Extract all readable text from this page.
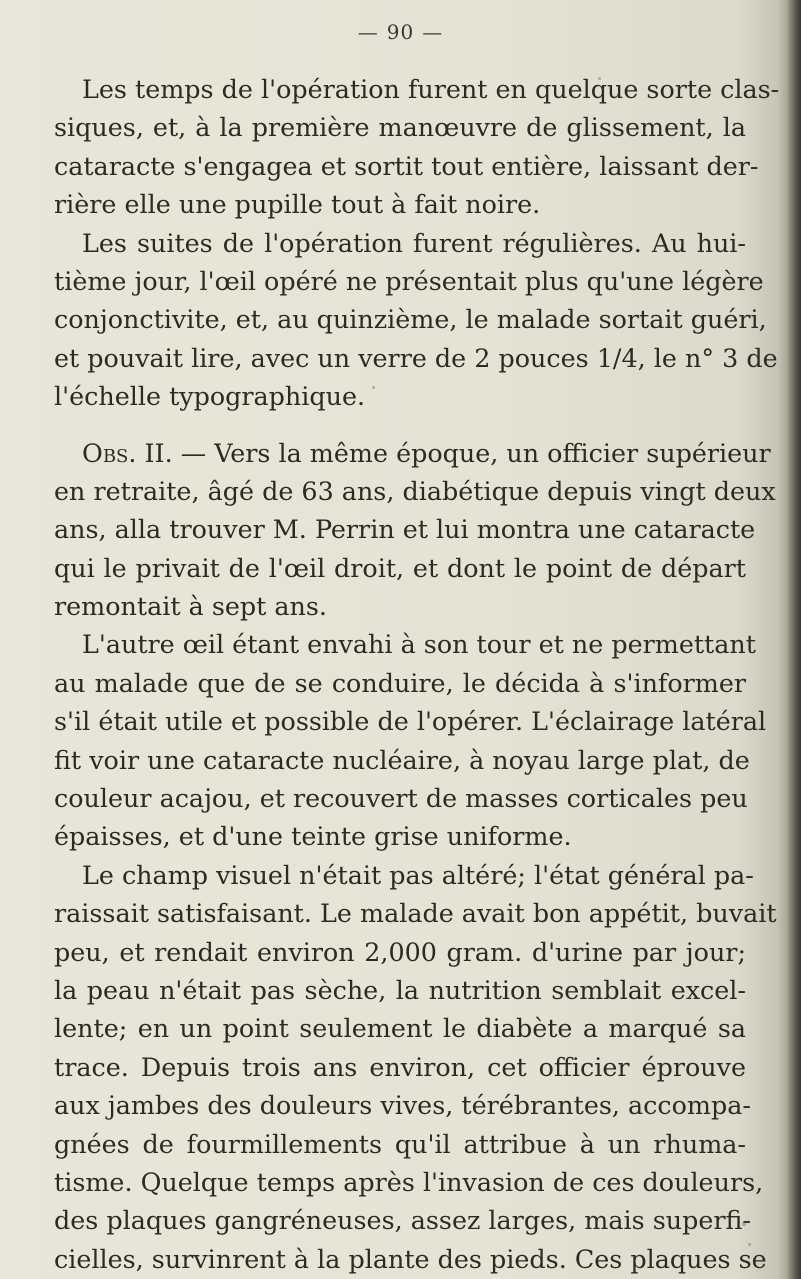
— 90 —
Les temps de l'opération furent en quelque sorte clas-
siques, et, à la première manœuvre de glissement, la
cataracte s'engagea et sortit tout entière, laissant der-
rière elle une pupille tout à fait noire.
Les suites de l'opération furent régulières. Au hui-
tième jour, l'œil opéré ne présentait plus qu'une légère
conjonctivite, et, au quinzième, le malade sortait guéri,
et pouvait lire, avec un verre de 2 pouces 1/4, le n° 3 de
l'échelle typographique.
Obs. II. — Vers la même époque, un officier supérieur
en retraite, âgé de 63 ans, diabétique depuis vingt deux
ans, alla trouver M. Perrin et lui montra une cataracte
qui le privait de l'œil droit, et dont le point de départ
remontait à sept ans.
L'autre œil étant envahi à son tour et ne permettant
au malade que de se conduire, le décida à s'informer
s'il était utile et possible de l'opérer. L'éclairage latéral
fit voir une cataracte nucléaire, à noyau large plat, de
couleur acajou, et recouvert de masses corticales peu
épaisses, et d'une teinte grise uniforme.
Le champ visuel n'était pas altéré; l'état général pa-
raissait satisfaisant. Le malade avait bon appétit, buvait
peu, et rendait environ 2,000 gram. d'urine par jour;
la peau n'était pas sèche, la nutrition semblait excel-
lente; en un point seulement le diabète a marqué sa
trace. Depuis trois ans environ, cet officier éprouve
aux jambes des douleurs vives, térébrantes, accompa-
gnées de fourmillements qu'il attribue à un rhuma-
tisme. Quelque temps après l'invasion de ces douleurs,
des plaques gangréneuses, assez larges, mais superfi-
cielles, survinrent à la plante des pieds. Ces plaques se
